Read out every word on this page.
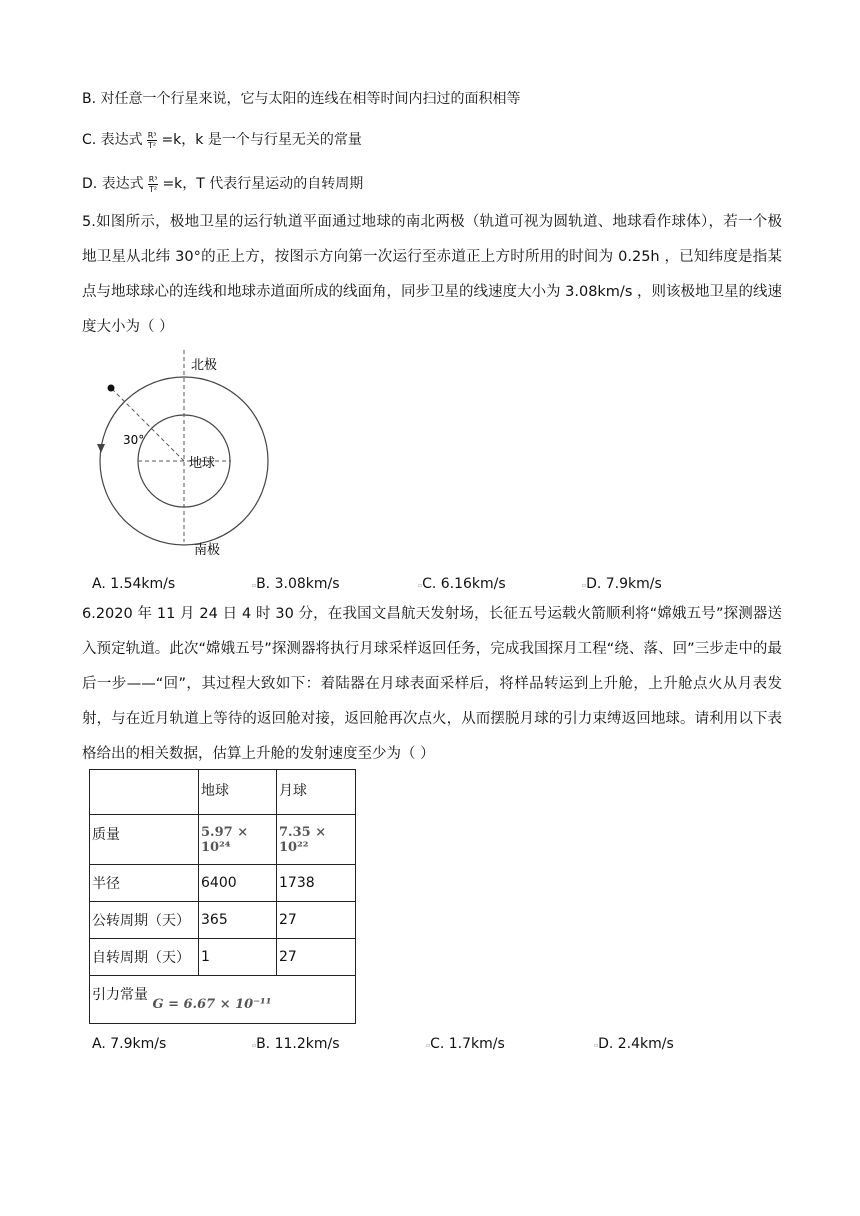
B. 对任意一个行星来说，它与太阳的连线在相等时间内扫过的面积相等
C. 表达式 $\frac{\text{R³}}{\text{T²}} =k$，k 是一个与行星无关的常量
D. 表达式 $\frac{\text{R³}}{\text{T²}} =k$，T 代表行星运动的自转周期
5.如图所示，极地卫星的运行轨道平面通过地球的南北两极（轨道可视为圆轨道、地球看作球体），若一个极地卫星从北纬 30°的正上方，按图示方向第一次运行至赤道正上方时所用的时间为 0.25h ，已知纬度是指某点与地球球心的连线和地球赤道面所成的线面角，同步卫星的线速度大小为 3.08km/s ，则该极地卫星的线速度大小为（ ）
北极
南极
地球
30°
A. 1.54km/s	▫B. 3.08km/s	▫C. 6.16km/s	▫D. 7.9km/s
6.2020 年 11 月 24 日 4 时 30 分，在我国文昌航天发射场，长征五号运载火箭顺利将“嫦娥五号”探测器送入预定轨道。此次“嫦娥五号”探测器将执行月球采样返回任务，完成我国探月工程“绕、落、回”三步走中的最后一步——“回”，其过程大致如下：着陆器在月球表面采样后，将样品转运到上升舱，上升舱点火从月表发射，与在近月轨道上等待的返回舱对接，返回舱再次点火，从而摆脱月球的引力束缚返回地球。请利用以下表格给出的相关数据，估算上升舱的发射速度至少为（ ）
	地球	月球
质量	5.97 × 10²⁴	7.35 × 10²²
半径	6400	1738
公转周期（天）	365	27
自转周期（天）	1	27
引力常量 G = 6.67 × 10⁻¹¹		
A. 7.9km/s	▫B. 11.2km/s	▫C. 1.7km/s	▫D. 2.4km/s
